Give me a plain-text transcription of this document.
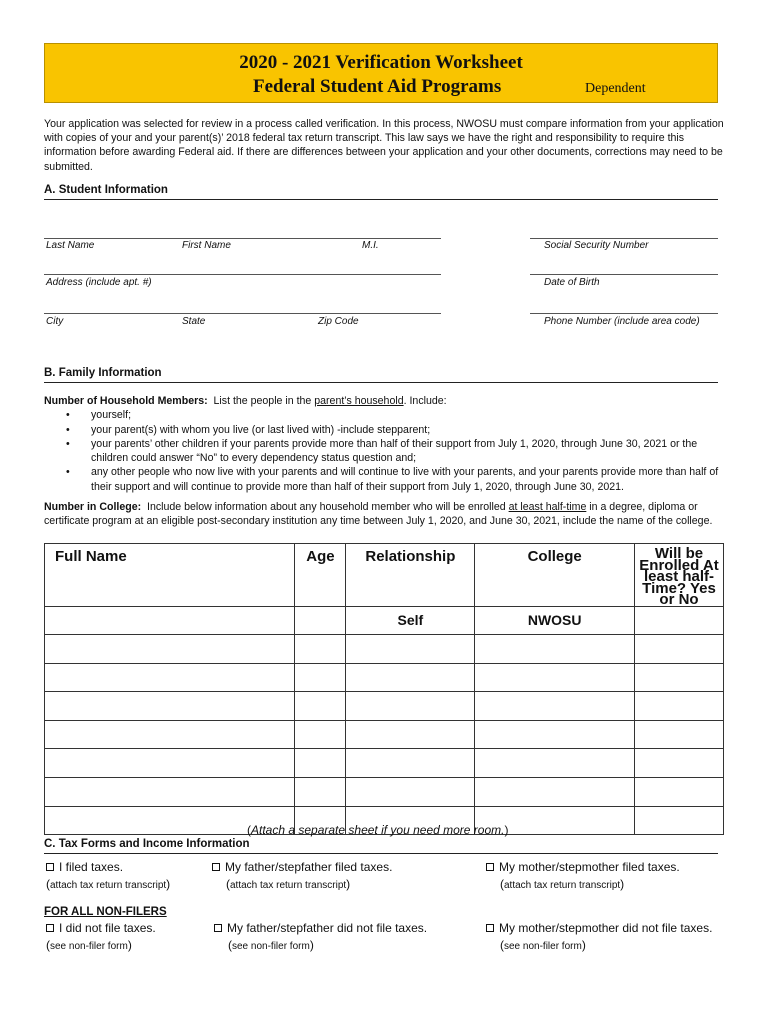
2020 - 2021 Verification Worksheet
Federal Student Aid Programs	Dependent
Your application was selected for review in a process called verification. In this process, NWOSU must compare information from your application with copies of your and your parent(s)’ 2018 federal tax return transcript. This law says we have the right and responsibility to require this information before awarding Federal aid. If there are differences between your application and your other documents, corrections may need to be submitted.
A. Student Information
Last Name	First Name	M.I.	Social Security Number
Address (include apt. #)	Date of Birth
City	State	Zip Code	Phone Number (include area code)
B. Family Information
Number of Household Members: List the people in the parent’s household. Include:
• yourself;
• your parent(s) with whom you live (or last lived with) -include stepparent;
• your parents’ other children if your parents provide more than half of their support from July 1, 2020, through June 30, 2021 or the children could answer “No” to every dependency status question and;
• any other people who now live with your parents and will continue to live with your parents, and your parents provide more than half of their support and will continue to provide more than half of their support from July 1, 2020, through June 30, 2021.
Number in College: Include below information about any household member who will be enrolled at least half-time in a degree, diploma or certificate program at an eligible post-secondary institution any time between July 1, 2020, and June 30, 2021, include the name of the college.
Full Name	Age	Relationship	College	Will be Enrolled At least half-Time? Yes or No
		Self	NWOSU	

(Attach a separate sheet if you need more room.)
C. Tax Forms and Income Information
I filed taxes.	My father/stepfather filed taxes.	My mother/stepmother filed taxes.
(attach tax return transcript)	(attach tax return transcript)	(attach tax return transcript)
FOR ALL NON-FILERS
I did not file taxes.	My father/stepfather did not file taxes.	My mother/stepmother did not file taxes.
(see non-filer form)	(see non-filer form)	(see non-filer form)
